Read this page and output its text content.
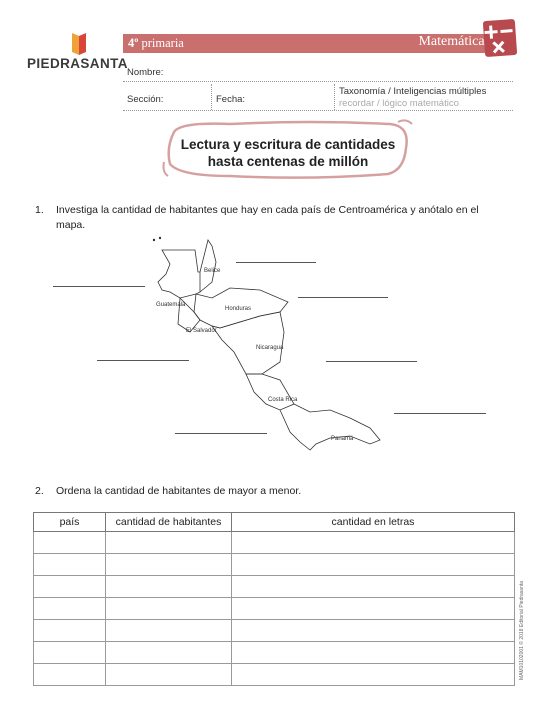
PIEDRASANTA
4º primaria	Matemáticas
Nombre:
Sección:	Fecha:
Taxonomía / Inteligencias múltiples
recordar / lógico matemático
Lectura y escritura de cantidades
hasta centenas de millón
1. Investiga la cantidad de habitantes que hay en cada país de Centroamérica y anótalo en el mapa.
Belice
Guatemala
Honduras
El Salvador
Nicaragua
Costa Rica
Panamá
2. Ordena la cantidad de habitantes de mayor a menor.
país	cantidad de habitantes	cantidad en letras

MAM10102001 © 2018 Editorial Piedrasanta
